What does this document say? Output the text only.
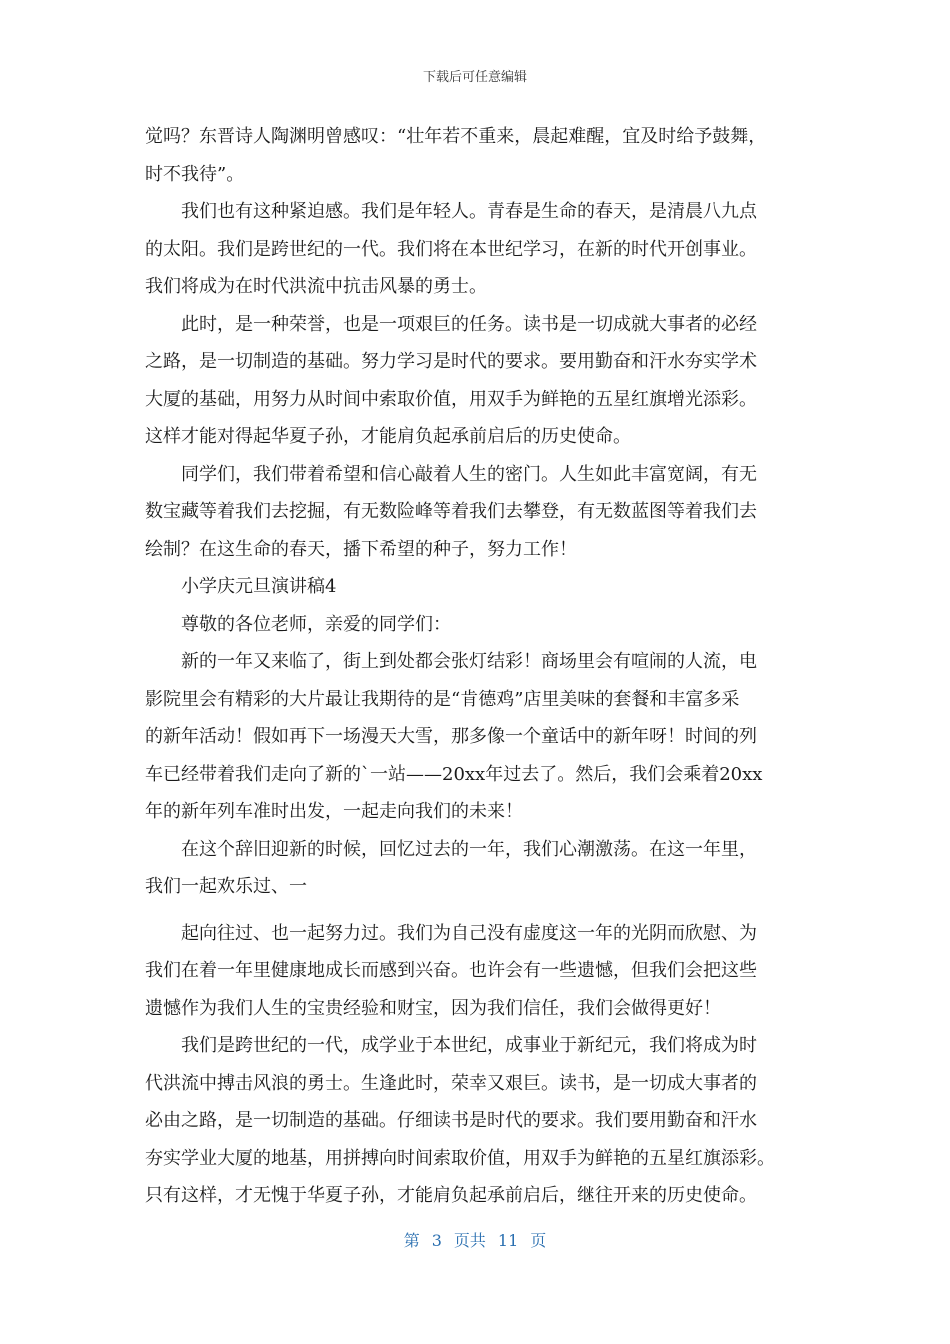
下载后可任意编辑

觉吗？东晋诗人陶渊明曾感叹：“壮年若不重来，晨起难醒，宜及时给予鼓舞，

时不我待”。

我们也有这种紧迫感。我们是年轻人。青春是生命的春天，是清晨八九点

的太阳。我们是跨世纪的一代。我们将在本世纪学习，在新的时代开创事业。

我们将成为在时代洪流中抗击风暴的勇士。

此时，是一种荣誉，也是一项艰巨的任务。读书是一切成就大事者的必经

之路，是一切制造的基础。努力学习是时代的要求。要用勤奋和汗水夯实学术

大厦的基础，用努力从时间中索取价值，用双手为鲜艳的五星红旗增光添彩。

这样才能对得起华夏子孙，才能肩负起承前启后的历史使命。

同学们，我们带着希望和信心敲着人生的密门。人生如此丰富宽阔，有无

数宝藏等着我们去挖掘，有无数险峰等着我们去攀登，有无数蓝图等着我们去

绘制？在这生命的春天，播下希望的种子，努力工作！

小学庆元旦演讲稿4

尊敬的各位老师，亲爱的同学们：

新的一年又来临了，街上到处都会张灯结彩！商场里会有喧闹的人流，电

影院里会有精彩的大片最让我期待的是“肯德鸡”店里美味的套餐和丰富多采

的新年活动！假如再下一场漫天大雪，那多像一个童话中的新年呀！时间的列

车已经带着我们走向了新的`一站——20xx年过去了。然后，我们会乘着20xx

年的新年列车准时出发，一起走向我们的未来！

在这个辞旧迎新的时候，回忆过去的一年，我们心潮激荡。在这一年里，

我们一起欢乐过、一

起向往过、也一起努力过。我们为自己没有虚度这一年的光阴而欣慰、为

我们在着一年里健康地成长而感到兴奋。也许会有一些遗憾，但我们会把这些

遗憾作为我们人生的宝贵经验和财宝，因为我们信任，我们会做得更好！

我们是跨世纪的一代，成学业于本世纪，成事业于新纪元，我们将成为时

代洪流中搏击风浪的勇士。生逢此时，荣幸又艰巨。读书，是一切成大事者的

必由之路，是一切制造的基础。仔细读书是时代的要求。我们要用勤奋和汗水

夯实学业大厦的地基，用拼搏向时间索取价值，用双手为鲜艳的五星红旗添彩。

只有这样，才无愧于华夏子孙，才能肩负起承前启后，继往开来的历史使命。

第 3 页共 11 页
